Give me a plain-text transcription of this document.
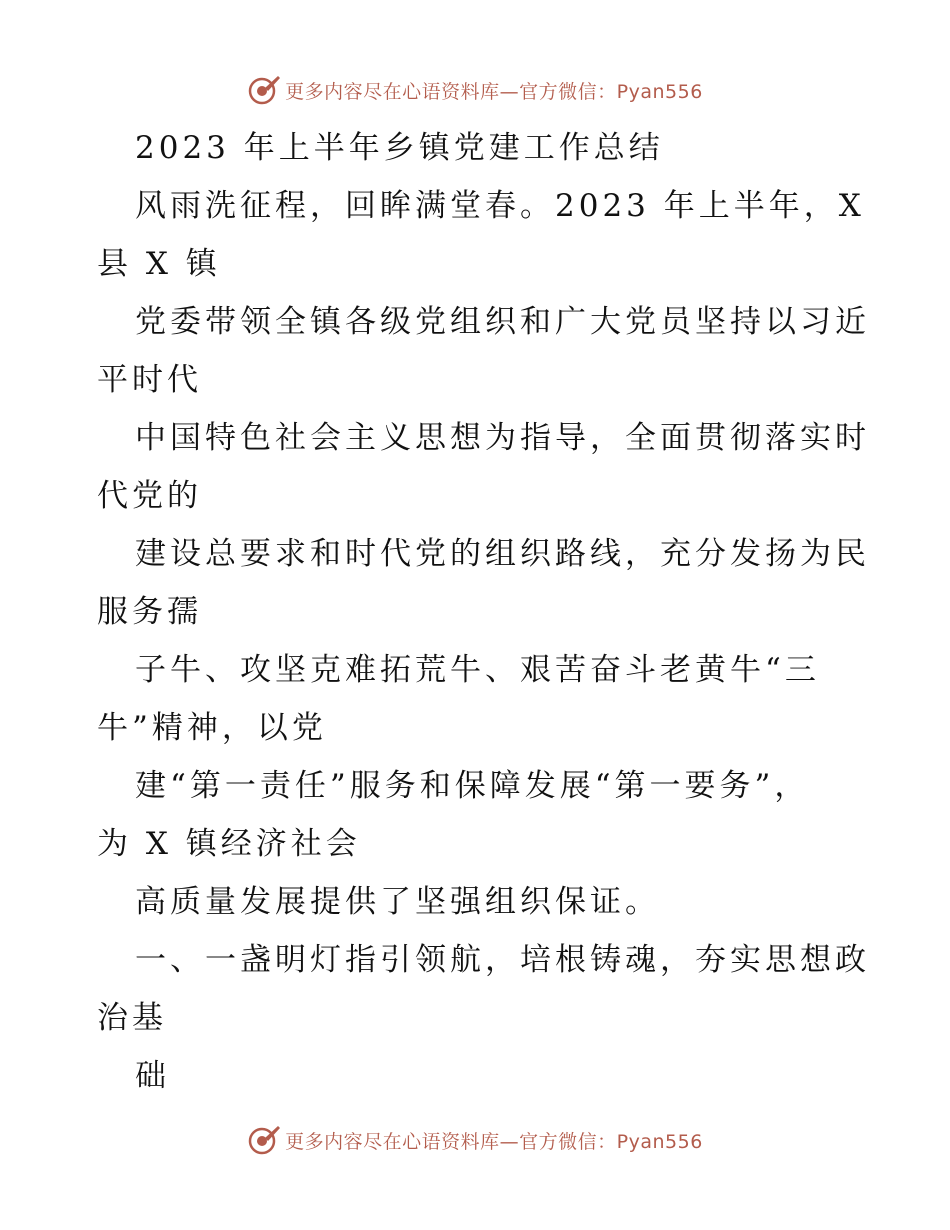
更多内容尽在心语资料库—官方微信：Pyan556
2023 年上半年乡镇党建工作总结
风雨洗征程，回眸满堂春。2023 年上半年，X
县 X 镇
党委带领全镇各级党组织和广大党员坚持以习近
平时代
中国特色社会主义思想为指导，全面贯彻落实时
代党的
建设总要求和时代党的组织路线，充分发扬为民
服务孺
子牛、攻坚克难拓荒牛、艰苦奋斗老黄牛“三
牛”精神，以党
建“第一责任”服务和保障发展“第一要务”，
为 X 镇经济社会
高质量发展提供了坚强组织保证。
一、一盏明灯指引领航，培根铸魂，夯实思想政
治基
础
更多内容尽在心语资料库—官方微信：Pyan556
